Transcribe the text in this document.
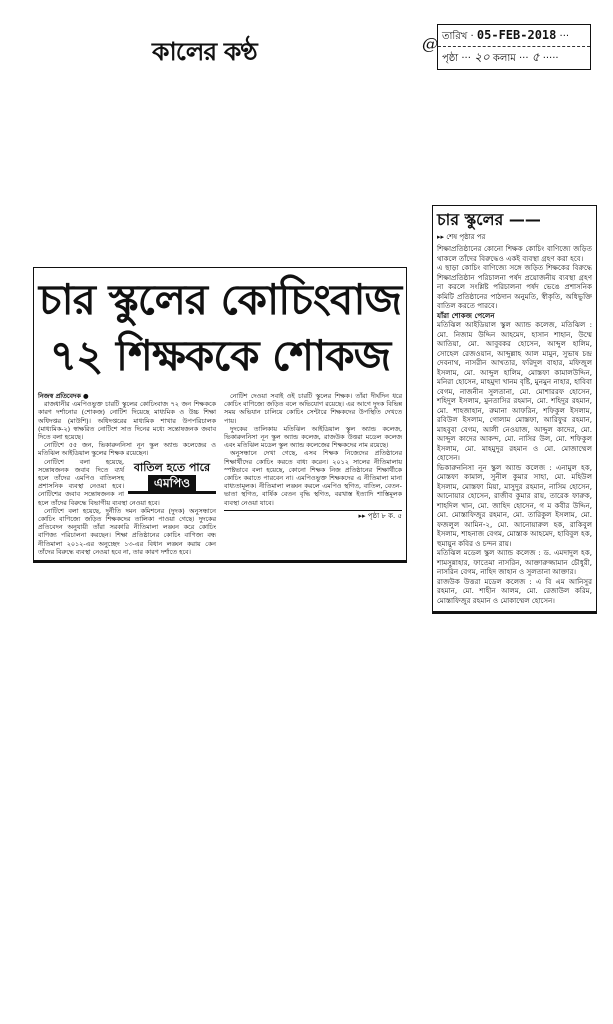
কালের কণ্ঠ	@ তারিখ · 05-FEB-2018 ···
পৃষ্ঠা ··· ২০ কলাম ··· ৫ ·····
চার স্কুলের কোচিংবাজ
৭২ শিক্ষককে শোকজ

নিজস্ব প্রতিবেদক ●

রাজধানীর এমপিওভুক্ত চারটি স্কুলের কোচিংবাজ ৭২ জন শিক্ষককে কারণ দর্শানোর (শোকজ) নোটিশ দিয়েছে মাধ্যমিক ও উচ্চ শিক্ষা অধিদপ্তর (মাউশি)। অধিদপ্তরের মাধ্যমিক শাখার উপপরিচালক (মাধ্যমিক-২) স্বাক্ষরিত নোটিশে সাত দিনের মধ্যে সন্তোষজনক জবাব দিতে বলা হয়েছে।

নোটিশে ৫৫ জন, ভিকারুননিসা নূন স্কুল অ্যান্ড কলেজের ও মতিঝিল আইডিয়াল স্কুলের শিক্ষক রয়েছেন।

বাতিল হতে পারে
এমপিও

নোটিশে বলা হয়েছে, সন্তোষজনক জবাব দিতে ব্যর্থ হলে তাঁদের এমপিও বাতিলসহ প্রশাসনিক ব্যবস্থা নেওয়া হবে। নোটিশের জবাব সন্তোষজনক না হলে তাঁদের বিরুদ্ধে বিভাগীয় ব্যবস্থা নেওয়া হবে।

নোটিশে বলা হয়েছে, দুর্নীতি দমন কমিশনের (দুদক) অনুসন্ধানে কোচিং বাণিজ্যে জড়িত শিক্ষকদের তালিকা পাওয়া গেছে। দুদকের প্রতিবেদন অনুযায়ী তাঁরা সরকারি নীতিমালা লঙ্ঘন করে কোচিং বাণিজ্য পরিচালনা করছেন। শিক্ষা প্রতিষ্ঠানের কোচিং বাণিজ্য বন্ধ নীতিমালা ২০১২-এর অনুচ্ছেদ ১৩-এর বিধান লঙ্ঘন করায় কেন তাঁদের বিরুদ্ধে ব্যবস্থা নেওয়া হবে না, তার কারণ দর্শাতে হবে।

নোটিশ দেওয়া সবাই ওই চারটি স্কুলের শিক্ষক। তাঁরা দীর্ঘদিন ধরে কোচিং বাণিজ্যে জড়িত বলে অভিযোগ রয়েছে। এর আগে দুদক বিভিন্ন সময় অভিযান চালিয়ে কোচিং সেন্টারে শিক্ষকদের উপস্থিতি দেখতে পায়।

দুদকের তালিকায় মতিঝিল আইডিয়াল স্কুল অ্যান্ড কলেজ, ভিকারুননিসা নূন স্কুল অ্যান্ড কলেজ, রাজউক উত্তরা মডেল কলেজ এবং মতিঝিল মডেল স্কুল অ্যান্ড কলেজের শিক্ষকদের নাম রয়েছে।

অনুসন্ধানে দেখা গেছে, এসব শিক্ষক নিজেদের প্রতিষ্ঠানের শিক্ষার্থীদের কোচিং করতে বাধ্য করেন। ২০১২ সালের নীতিমালায় স্পষ্টভাবে বলা হয়েছে, কোনো শিক্ষক নিজ প্রতিষ্ঠানের শিক্ষার্থীকে কোচিং করাতে পারবেন না। এমপিওভুক্ত শিক্ষকদের এ নীতিমালা মানা বাধ্যতামূলক। নীতিমালা লঙ্ঘন করলে এমপিও স্থগিত, বাতিল, বেতন-ভাতা স্থগিত, বার্ষিক বেতন বৃদ্ধি স্থগিত, বরখাস্ত ইত্যাদি শাস্তিমূলক ব্যবস্থা নেওয়া যাবে।

▸▸ পৃষ্ঠা ৮ ক. ৫
চার স্কুলের ——
▸▸ শেষ পৃষ্ঠার পর

শিক্ষাপ্রতিষ্ঠানের কোনো শিক্ষক কোচিং বাণিজ্যে জড়িত থাকলে তাঁদের বিরুদ্ধেও একই ব্যবস্থা গ্রহণ করা হবে।

এ ছাড়া কোচিং বাণিজ্যে সঙ্গে জড়িত শিক্ষকের বিরুদ্ধে শিক্ষাপ্রতিষ্ঠান পরিচালনা পর্ষদ প্রয়োজনীয় ব্যবস্থা গ্রহণ না করলে সংশ্লিষ্ট পরিচালনা পর্ষদ ভেঙে প্রশাসনিক কমিটি প্রতিষ্ঠানের পাঠদান অনুমতি, স্বীকৃতি, অধিভুক্তি বাতিল করতে পারবে।

যাঁরা শোকজ পেলেন

মতিঝিল আইডিয়াল স্কুল অ্যান্ড কলেজ, মতিঝিল : মো. নিজাম উদ্দিন আহমেদ, হাসান শাহান, উম্মে আতিয়া, মো. আবুবকর হোসেন, আব্দুল হালিম, সোহেল রেজওয়ান, আব্দুল্লাহ আল মামুন, সুভাষ চন্দ্র দেবনাথ, নাসরীন আখতার, ফরিদুল বাহার, মফিজুল ইসলাম, মো. আব্দুল হালিম, মোস্তফা কামালউদ্দিন, মনিরা হোসেন, মাহমুদা খানম বৃষ্টি, মুনমুন নাহার, হাবিবা বেগম, নাজনীন সুলতানা, মো. মোশাররফ হোসেন, শহিদুল ইসলাম, মুনতাসির রহমান, মো. শহিদুর রহমান, মো. শাহজাহান, রুমানা আফরিন, শফিকুল ইসলাম, রবিউল ইসলাম, গোলাম মোস্তফা, আরিফুর রহমান, মাহবুবা বেগম, আলী নেওয়াজ, আব্দুল কাদের, মো. আব্দুল কাদের আকন্দ, মো. নাসির উল, মো. শফিকুল ইসলাম, মো. মাহমুদুর রহমান ও মো. মোজাম্মেল হোসেন।

ভিকারুননিসা নূন স্কুল অ্যান্ড কলেজ : এনামুল হক, মোস্তফা কামাল, সুনীল কুমার সাহা, মো. মহিউল ইসলাম, মোস্তফা মিয়া, মাসুদুর রহমান, নাসিম হোসেন, আনোয়ার হোসেন, রাজীব কুমার রায়, তারেক ফারুক, শাহদিল খান, মো. জাহিদ হোসেন, গ ম কবীর উদ্দিন, মো. মোস্তাফিজুর রহমান, মো. তারিকুল ইসলাম, মো. ফজলুল আমিন-২, মো. আনোয়ারুল হক, রাকিবুল ইসলাম, শাহনাজ বেগম, মোস্তাক আহমেদ, হাবিবুল হক, হুমায়ুন কবির ও চন্দন রায়।

মতিঝিল মডেল স্কুল অ্যান্ড কলেজ : ড. এমদাদুল হক, শামসুন্নাহার, ফাতেমা নাসরিন, আক্তারুজ্জামান চৌধুরী, নাসরিন বেগম, নাহিদ জাহান ও সুলতানা আক্তার।

রাজউক উত্তরা মডেল কলেজ : এ বি এম আনিসুর রহমান, মো. শাহীন আলম, মো. রেজাউল করিম, মোস্তাফিজুর রহমান ও মোকাম্মেল হোসেন।
